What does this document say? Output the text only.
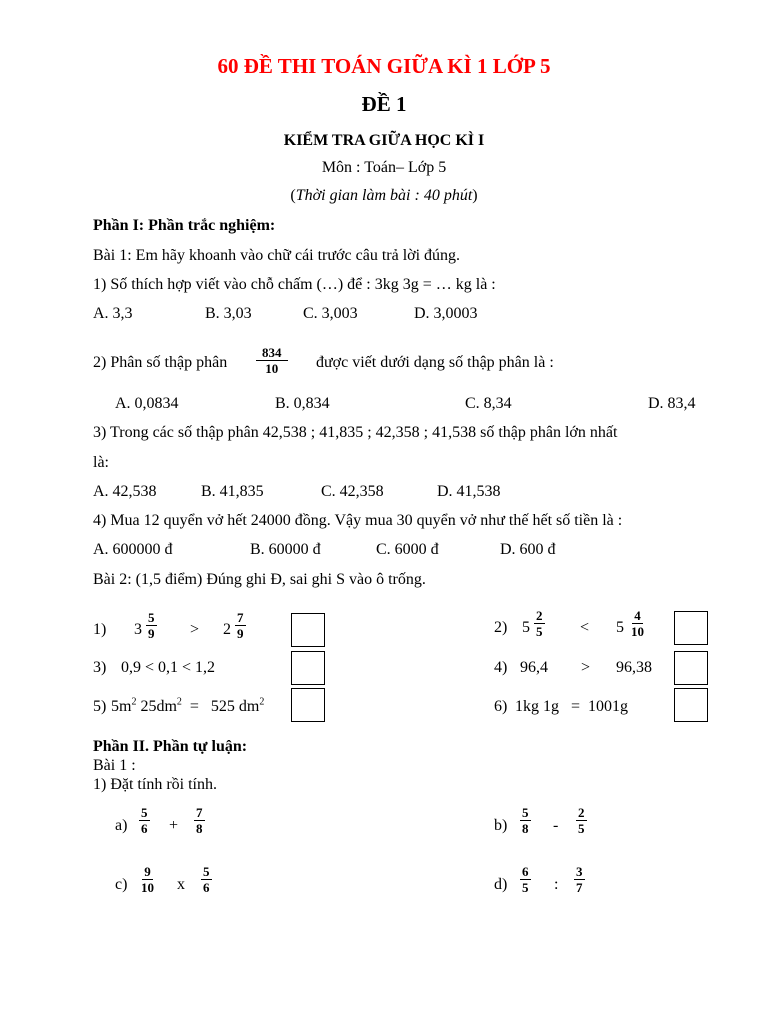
60 ĐỀ THI TOÁN GIỮA KÌ 1 LỚP 5
ĐỀ 1
KIỂM TRA GIỮA HỌC KÌ I
Môn : Toán– Lớp 5
(Thời gian làm bài : 40 phút)
Phần I: Phần trắc nghiệm:
Bài 1: Em hãy khoanh vào chữ cái trước câu trả lời đúng.
1) Số thích hợp viết vào chỗ chấm (…) để : 3kg 3g = … kg là :
A. 3,3	B. 3,03	C. 3,003	D. 3,0003
2) Phân số thập phân $\frac{834}{10}$ được viết dưới dạng số thập phân là :
A. 0,0834	B. 0,834	C. 8,34	D. 83,4
3) Trong các số thập phân 42,538 ; 41,835 ; 42,358 ; 41,538 số thập phân lớn nhất
là:
A. 42,538	B. 41,835	C. 42,358	D. 41,538
4) Mua 12 quyển vở hết 24000 đồng. Vậy mua 30 quyển vở như thế hết số tiền là :
A. 600000 đ	B. 60000 đ	C. 6000 đ	D. 600 đ
Bài 2: (1,5 điểm) Đúng ghi Đ, sai ghi S vào ô trống.
1) $3 \frac{5}{9} > 2 \frac{7}{9}$	2) $5 \frac{2}{5} < 5 \frac{4}{10}$
3) 0,9 < 0,1 < 1,2	4) 96,4 > 96,38
5) $5m^2$ $25dm^2 = 525$ $dm^2$	6) 1kg 1g   =  1001g
Phần II. Phần tự luận:
Bài 1 :
1) Đặt tính rồi tính.
$a) \frac{5}{6} + \frac{7}{8}$	$b) \frac{5}{8} - \frac{2}{5}$
$c) \frac{9}{10}$ x $\frac{5}{6}$	$d) \frac{6}{5}$ : $\frac{3}{7}$
